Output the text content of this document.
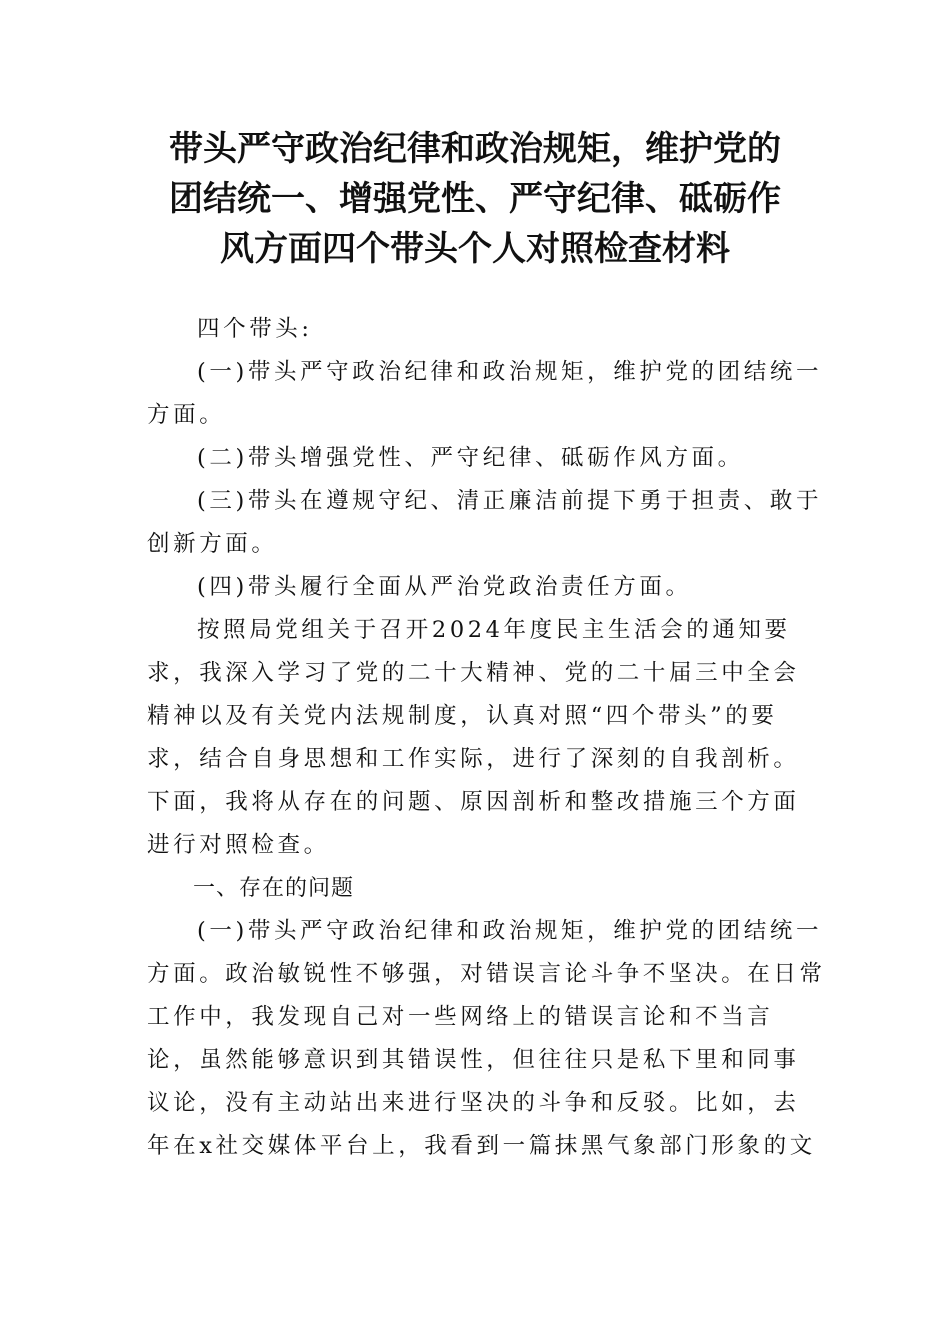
带头严守政治纪律和政治规矩，维护党的
团结统一、增强党性、严守纪律、砥砺作
风方面四个带头个人对照检查材料

四个带头:

(一)带头严守政治纪律和政治规矩，维护党的团结统一

方面。

(二)带头增强党性、严守纪律、砥砺作风方面。

(三)带头在遵规守纪、清正廉洁前提下勇于担责、敢于

创新方面。

(四)带头履行全面从严治党政治责任方面。

按照局党组关于召开2024年度民主生活会的通知要

求，我深入学习了党的二十大精神、党的二十届三中全会

精神以及有关党内法规制度，认真对照“四个带头”的要

求，结合自身思想和工作实际，进行了深刻的自我剖析。

下面，我将从存在的问题、原因剖析和整改措施三个方面

进行对照检查。

一、存在的问题

(一)带头严守政治纪律和政治规矩，维护党的团结统一

方面。政治敏锐性不够强，对错误言论斗争不坚决。在日常

工作中，我发现自己对一些网络上的错误言论和不当言

论，虽然能够意识到其错误性，但往往只是私下里和同事

议论，没有主动站出来进行坚决的斗争和反驳。比如，去

年在x社交媒体平台上，我看到一篇抹黑气象部门形象的文
